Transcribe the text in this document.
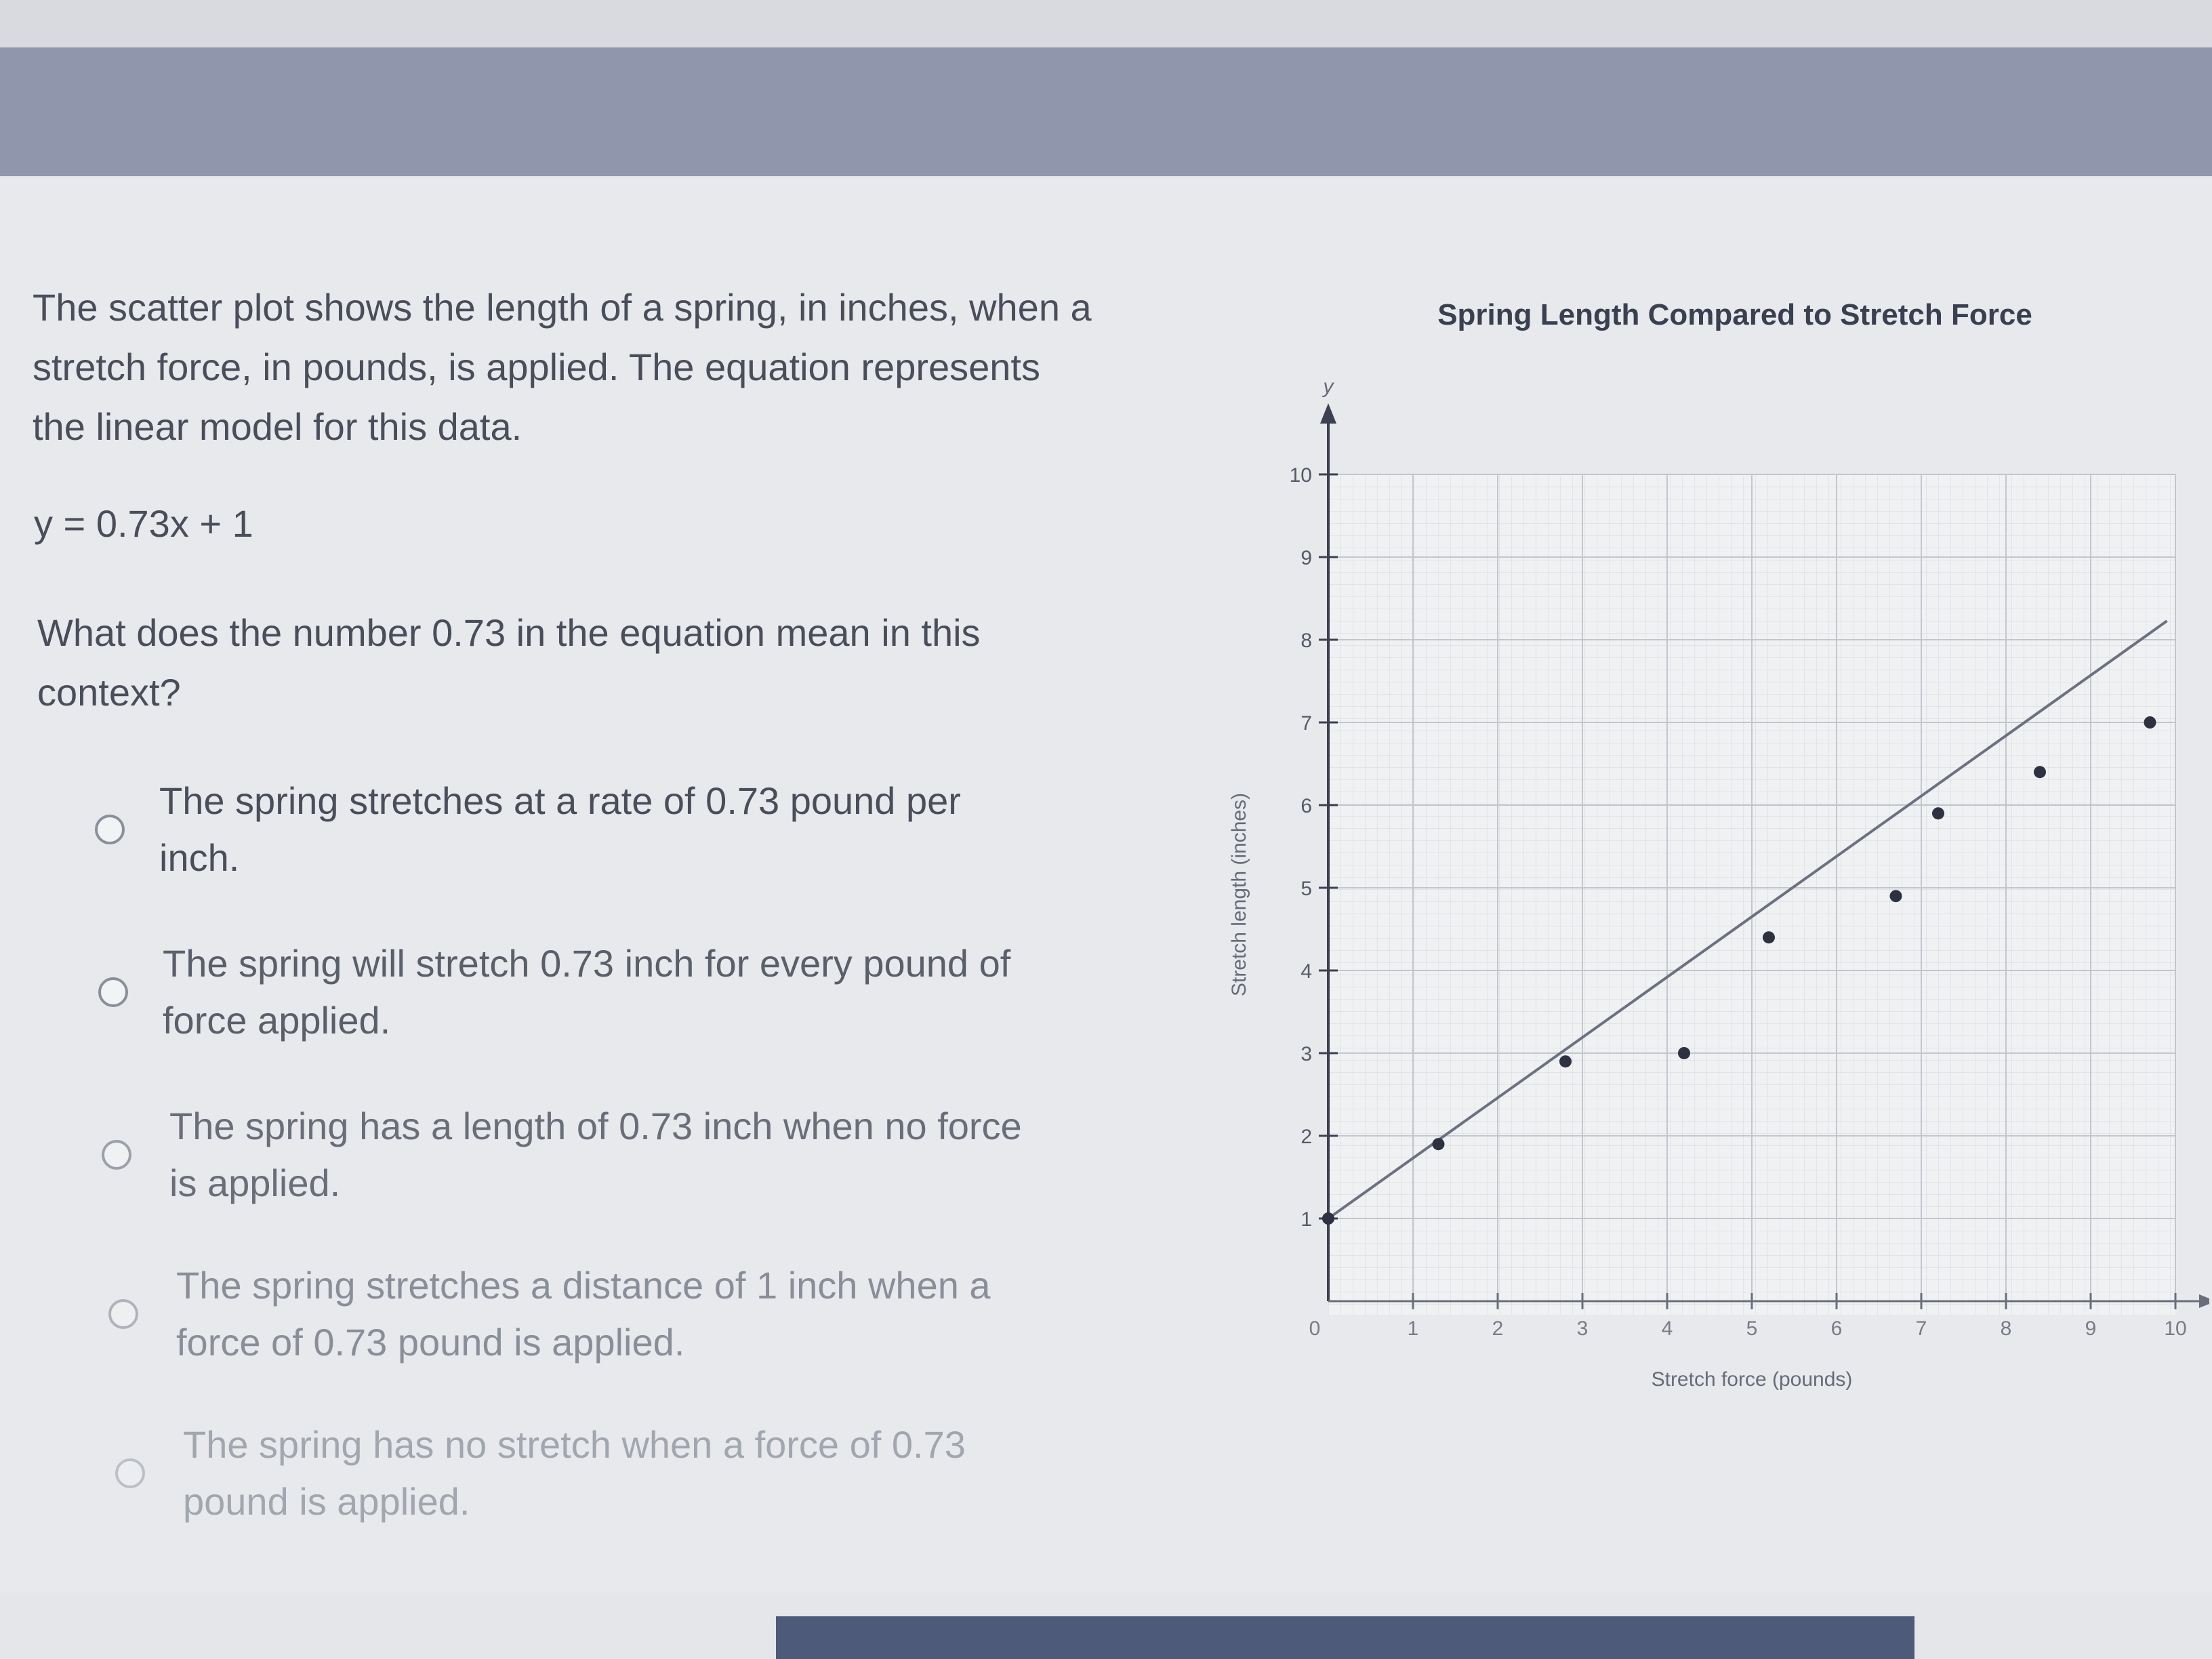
The scatter plot shows the length of a spring, in inches, when a stretch force, in pounds, is applied. The equation represents the linear model for this data.
y = 0.73x + 1
What does the number 0.73 in the equation mean in this context?
The spring stretches at a rate of 0.73 pound per inch.
The spring will stretch 0.73 inch for every pound of force applied.
The spring has a length of 0.73 inch when no force is applied.
The spring stretches a distance of 1 inch when a force of 0.73 pound is applied.
The spring has no stretch when a force of 0.73 pound is applied.
Spring Length Compared to Stretch Force
1
2
3
4
5
6
7
8
9
10
1	2	3	4	5	6	7	8	9	10
y
Stretch length (inches)
Stretch force (pounds)
0
